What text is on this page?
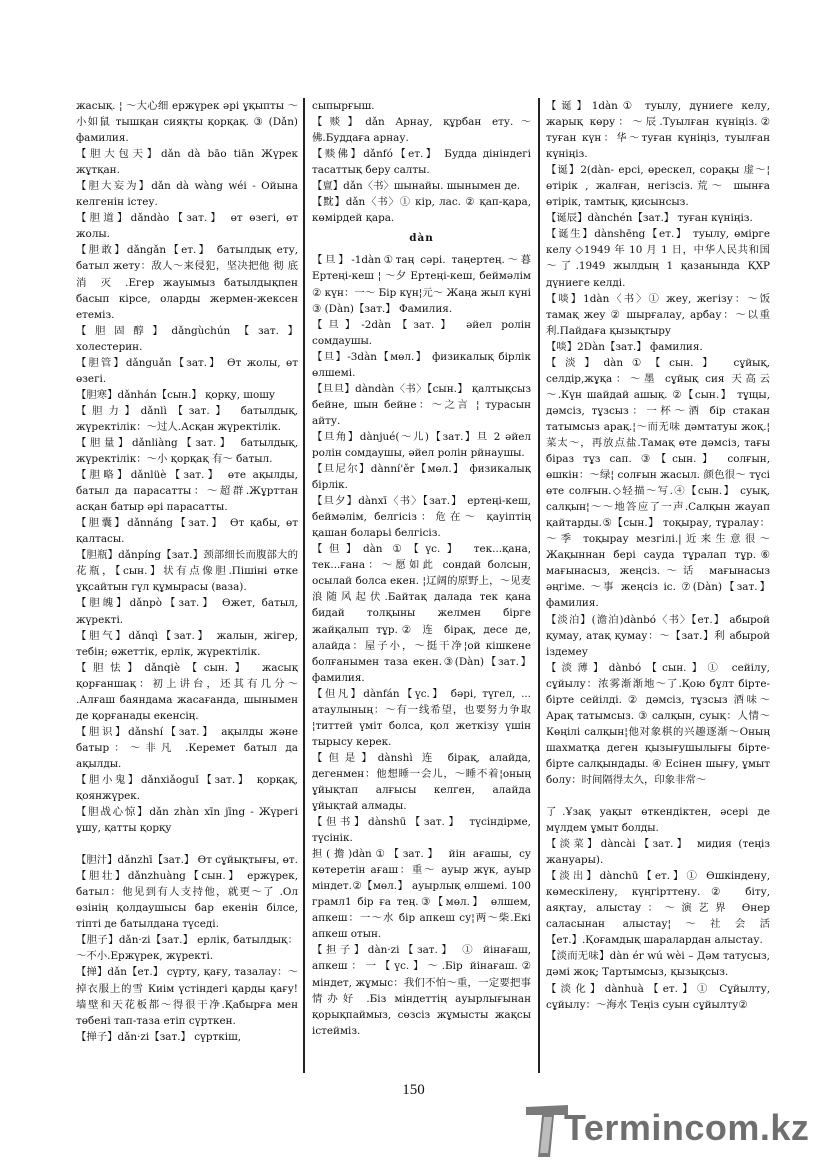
жасық. ¦ ～大心细 ержүрек әрі ұқыпты ～小如鼠 тышқан сияқты қорқақ. ③ (Dǎn) фамилия.

【胆大包天】dǎn dà bāo tiān Жүрек жұтқан.

【胆大妄为】dǎn dà wàng wéi - Ойына келгенін істеу.

【胆道】dǎndào【зат.】 өт өзегі, өт жолы.

【胆敢】dǎngǎn【ет.】 батылдық ету, батыл жету：敌人～来侵犯，坚决把他 彻 底 消 灭 .Егер жауымыз батылдықпен басып кірсе, оларды жермен-жексен етеміз.

【胆固醇】dǎngùchún【зат.】 холестерин.

【胆管】dǎnguǎn【зат.】 Өт жолы, өт өзегі.

【胆寒】dǎnhán【сын.】 қорқу, шошу

【胆力】dǎnlì【зат.】 батылдық, жүректілік：～过人.Асқан жүректілік.

【胆量】dǎnliàng【зат.】 батылдық, жүректілік：～小 қорқақ 有～ батыл.

【胆略】dǎnlüè【зат.】 өте ақылды, батыл да парасатты：～超群.Жұрттан асқан батыр әрі парасатты.

【胆囊】dǎnnáng【зат.】 Өт қабы, өт қалтасы.

【胆瓶】dǎnpíng【зат.】颈部细长而腹部大的花瓶，【сын.】状有点像胆.Пішіні өтке ұқсайтын гүл құмырасы (ваза).

【胆魄】dǎnpò【зат.】 Өжет, батыл, жүректі.

【胆气】dǎnqì【зат.】 жалын, жігер, тебін; өжеттік, ерлік, жүректілік.

【胆怯】dǎnqiè【сын.】 жасық қорғаншақ：初上讲台，还其有几分～ .Алғаш баяндама жасағанда, шынымен де қорғанады екенсің.

【胆识】dǎnshí【зат.】 ақылды және батыр：～非凡 .Керемет батыл да ақылды.

【胆小鬼】dǎnxiǎoguǐ【зат.】 қорқақ, қоянжүрек.

【胆战心惊】dǎn zhàn xīn jīng - Жүрегі ұшу, қатты қорқу

【胆汁】dǎnzhī【зат.】 Өт сұйықтығы, өт.

【胆壮】dǎnzhuàng【сын.】 ержүрек, батыл：他见到有人支持他，就更～了 .Ол өзінің қолдаушысы бар екенін білсе, тіпті де батылдана түседі.

【胆子】dǎn·zi【зат.】 ерлік, батылдық：～不小.Ержүрек, жүректі.

【掸】dǎn【ет.】 сүрту, қағу, тазалау：～掉衣服上的雪 Киім үстіндегі қарды қағу!墙壁和天花板都～得很干净.Қабырға мен төбені тап-таза етіп сүрткен.

【掸子】dǎn·zi【зат.】 сүрткіш,

сыпырғыш.

【赕】dǎn Арнау, құрбан ету.～佛.Буддаға арнау.

【赕佛】dǎnfó【ет.】 Будда дініндегі тасаттық беру салты.

【亶】dǎn〈书〉шынайы. шынымен де.

【黕】dǎn〈书〉① кір, лас. ② қап-қара, көмірдей қара.

dàn

【旦】-1dàn①таң сәрі. таңертең.～暮 Ертеңі-кеш ¦ ～夕 Ертеңі-кеш, беймәлім ② күн：一～ Бір күн¦元～ Жаңа жыл күні ③ (Dàn)【зат.】 Фамилия.

【旦】-2dàn【зат.】 әйел ролін сомдаушы.

【旦】-3dàn【мөл.】 физикалық бірлік өлшемі.

【旦旦】dàndàn〈书〉【сын.】 қалтықсыз бейне, шын бейне：～之言 ¦ турасын айту.

【旦角】dànjué(～儿)【зат.】旦 2 әйел ролін сомдаушы, әйел ролін рйнаушы.

【旦尼尔】dànní'ěr【мөл.】 физикалық бірлік.

【旦夕】dànxī〈书〉【зат.】 ертеңі-кеш, беймәлім, белгісіз：危在～ қауіптің қашан боларьі белгісіз.

【但】dàn ①【үс.】 тек...қана, тек...ғана：～愿如此 сондай болсын, осылай болса екен. ¦辽阔的原野上，～见麦浪随风起伏.Байтақ далада тек қана бидай толқыны желмен бірге жайқалып тұр.② 连 бірақ, десе де, алайда：屋子小，～挺干净¦ой кішкене болғанымен таза екен.③(Dàn)【зат.】 фамилия.

【但凡】dànfán【үс.】 бәрі, түгел, ... атаулының：～有一线希望，也要努力争取¦титтей үміт болса, қол жеткізу үшін тырысу керек.

【但是】dànshì 连 бірақ, алайда, дегенмен：他想睡一会儿，～睡不着¦оның ұйықтап алғысы келген, алайда ұйықтай алмады.

【但书】dànshū【зат.】 түсіндірме, түсінік.

担(擔)dàn①【зат.】 йін ағашы, су көтеретін ағаш：重～ ауыр жүк, ауыр міндет.②【мөл.】 ауырлық өлшемі. 100 грамл1 бір ға тең.③【мөл.】 өлшем, апкеш：一～水 бір апкеш су¦两～柴.Екі апкеш отын.

【担子】dàn·zi【зат.】 ① йінағаш, апкеш：一【үс.】～.Бір йінағаш.② міндет, жұмыс：我们不怕～重，一定要把事情办好 .Біз міндеттің ауырлығынан қорықпаймыз, сөзсіз жұмысты жақсы істейміз.

【诞】1dàn① туылу, дүниеге келу, жарық көру：～辰.Туылған күніңіз.② туған күн：华～туған күніңіз, туылған күніңіз.

【诞】2(dàn- ерсі, өрескел, сорақы 虚～¦ өтірік , жалған, негізсіз.荒～ шынға өтірік, тамтық, қисынсыз.

【诞辰】dànchén【зат.】 туған күніңіз.

【诞生】dànshēng【ет.】 туылу, өмірге келу ◇1949 年 10 月 1 日，中华人民共和国～了.1949 жылдың 1 қазанында ҚХР дүниеге келді.

【啖】1dàn〈书〉① жеу, жегізу：～饭 тамақ жеу ② шырғалау, арбау：～以重利.Пайдаға қызықтыру

【啖】2Dàn【зат.】 фамилия.

【淡】dàn①【сын.】 сұйық, селдір,жұқа：～墨 сұйық сия 天高云～.Күн шайдай ашық. ②【сын.】 тұщы, дәмсіз, тұзсыз：一杯～酒 бір стакан татымсыз арақ.¦～而无味 дәмтатуы жоқ.¦菜太～，再放点盐.Тамақ өте дәмсіз, тағы біраз тұз сап. ③【сын.】 солғын, өшкін：～绿¦ солғын жасыл. 颜色很～ түсі өте солғын.◇轻描～写.④【сын.】 суық, салқын¦～～地答应了一声.Салқын жауап қайтарды.⑤【сын.】 тоқырау, тұралау：～季 тоқырау мезгілі.|近来生意很～ Жақыннан бері сауда тұралап тұр.⑥ мағынасыз, жеңсіз.～话 мағынасыз әңгіме. ～事 жеңсіз іс. ⑦(Dàn)【зат.】 фамилия.

【淡泊】(澹泊)dànbó〈书〉【ет.】 абырой қумау, атақ қумау：～【зат.】利 абырой іздемеу

【淡薄】dànbó【сын.】① сейілу, сұйылу：浓雾渐渐地～了.Қою бұлт бірте-бірте сейілді. ② дәмсіз, тұзсыз 酒味～ Арақ татымсыз. ③ салқын, суық：人情～ Көңілі салқын¦他对象棋的兴趣逐渐～Оның шахматқа деген қызығушылығы бірте-бірте салқындады. ④ Есінен шығу, ұмыт болу：时间隔得太久，印象非常～

了.Ұзақ уақыт өткендіктен, әсері де мүлдем ұмыт болды.

【淡菜】dàncài【зат.】 мидия (теңіз жануары).

【淡出】dànchū【ет.】① Өшкіндену, көмескілену, күңгірттену.② біту, аяқтау, алыстау：～演艺界 Өнер саласынан алыстау¦～社会活【ет.】.Қоғамдық шаралардан алыстау.

【淡而无味】dàn ér wú wèi – Дәм татусыз, дәмі жоқ; Тартымсыз, қызықсыз.

【淡化】dànhuà【ет.】① Сұйылту, сұйылу：～海水 Теңіз суын сұйылту②

150
Termincom.kz
